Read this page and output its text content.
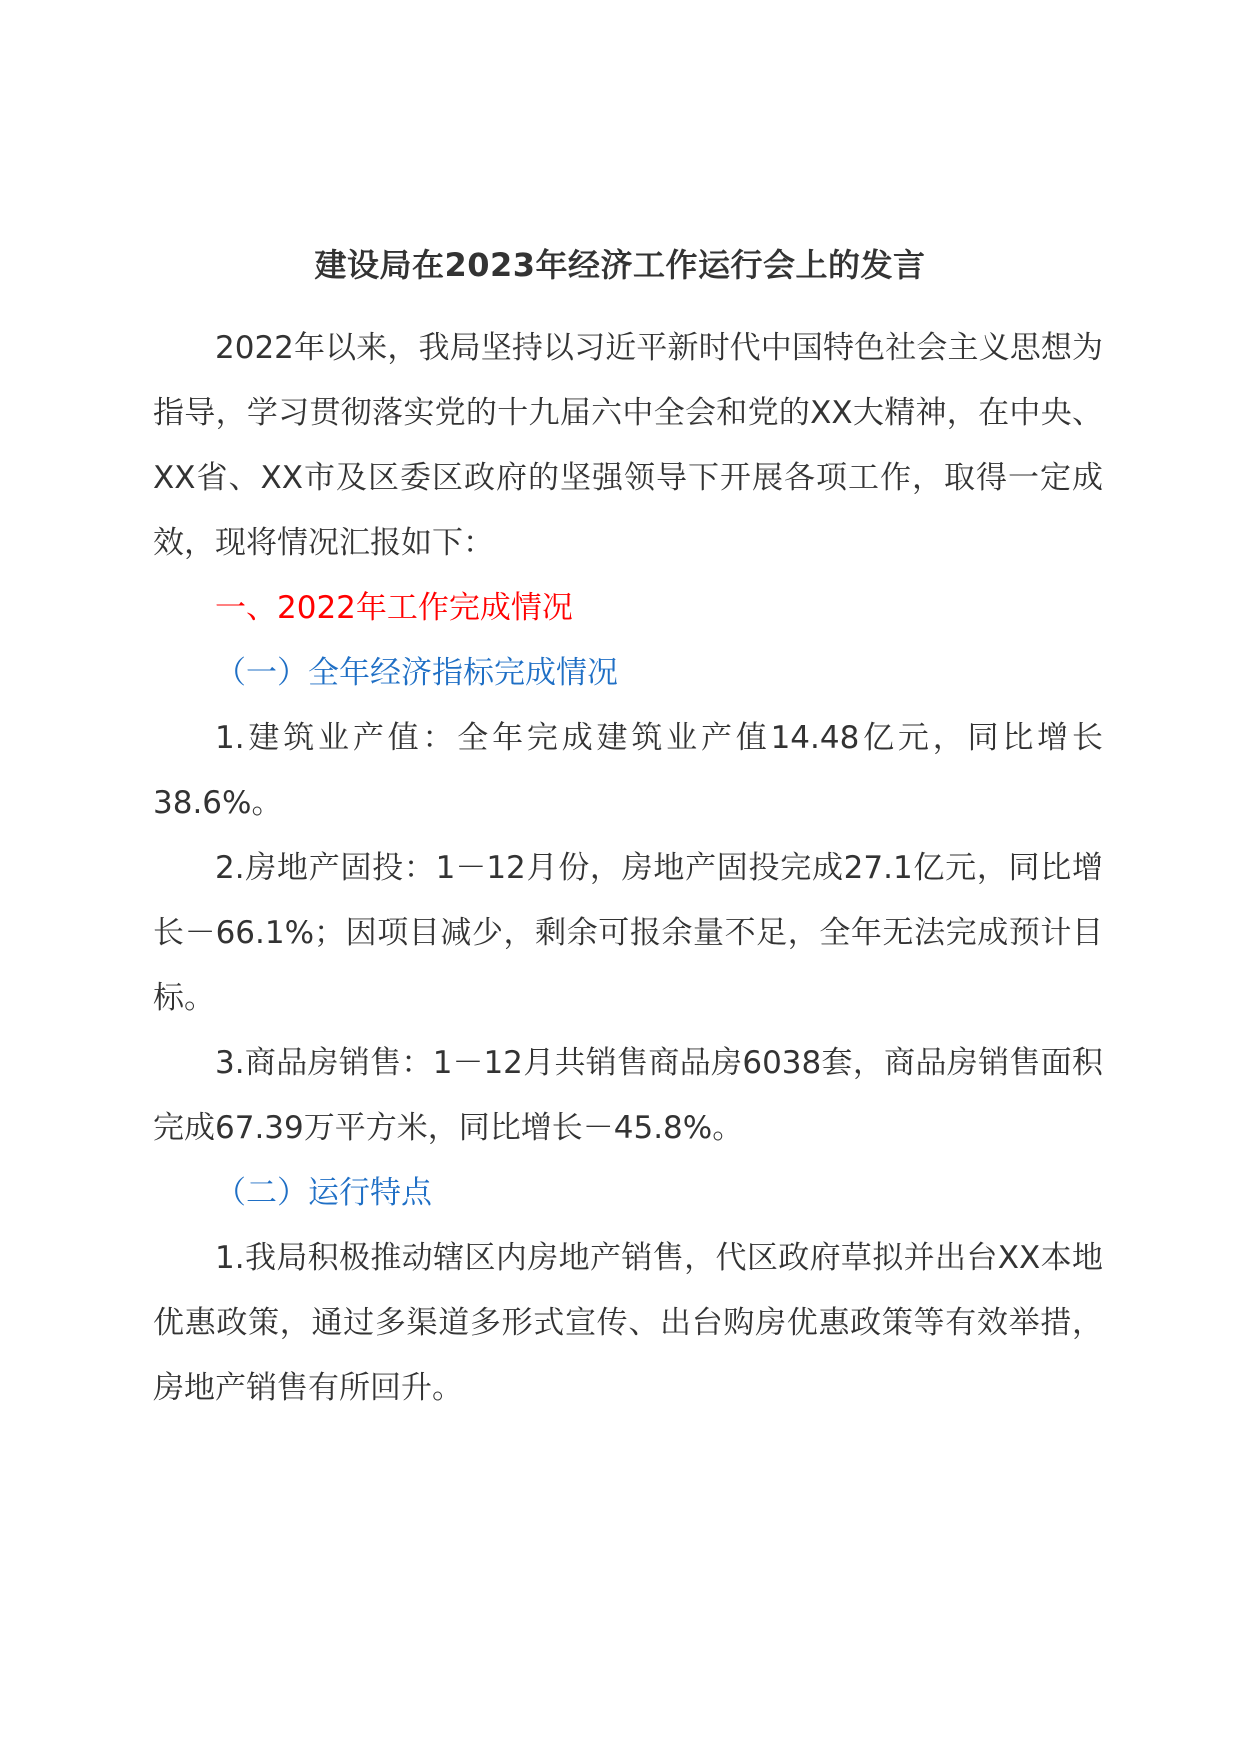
建设局在2023年经济工作运行会上的发言

2022年以来，我局坚持以习近平新时代中国特色社会主义思想为指导，学习贯彻落实党的十九届六中全会和党的XX大精神，在中央、XX省、XX市及区委区政府的坚强领导下开展各项工作，取得一定成效，现将情况汇报如下：

一、2022年工作完成情况

（一）全年经济指标完成情况

1.建筑业产值：全年完成建筑业产值14.48亿元，同比增长38.6%。

2.房地产固投：1－12月份，房地产固投完成27.1亿元，同比增长－66.1%；因项目减少，剩余可报余量不足，全年无法完成预计目标。

3.商品房销售：1－12月共销售商品房6038套，商品房销售面积完成67.39万平方米，同比增长－45.8%。

（二）运行特点

1.我局积极推动辖区内房地产销售，代区政府草拟并出台XX本地优惠政策，通过多渠道多形式宣传、出台购房优惠政策等有效举措，房地产销售有所回升。
